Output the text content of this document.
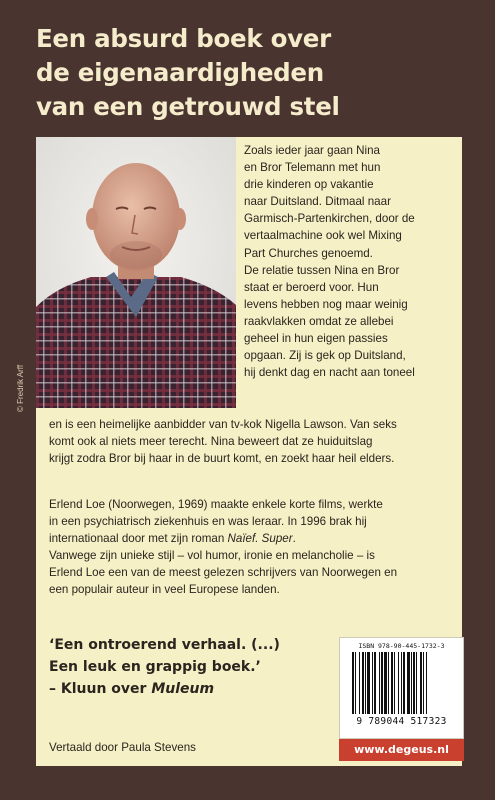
Een absurd boek over
de eigenaardigheden
van een getrouwd stel
© Fredrik Arff
Zoals ieder jaar gaan Nina
en Bror Telemann met hun
drie kinderen op vakantie
naar Duitsland. Ditmaal naar
Garmisch-Partenkirchen, door de
vertaalmachine ook wel Mixing
Part Churches genoemd.
De relatie tussen Nina en Bror
staat er beroerd voor. Hun
levens hebben nog maar weinig
raakvlakken omdat ze allebei
geheel in hun eigen passies
opgaan. Zij is gek op Duitsland,
hij denkt dag en nacht aan toneel
en is een heimelijke aanbidder van tv-kok Nigella Lawson. Van seks
komt ook al niets meer terecht. Nina beweert dat ze huiduitslag
krijgt zodra Bror bij haar in de buurt komt, en zoekt haar heil elders.
Erlend Loe (Noorwegen, 1969) maakte enkele korte films, werkte
in een psychiatrisch ziekenhuis en was leraar. In 1996 brak hij
internationaal door met zijn roman Naïef. Super.
Vanwege zijn unieke stijl – vol humor, ironie en melancholie – is
Erlend Loe een van de meest gelezen schrijvers van Noorwegen en
een populair auteur in veel Europese landen.
‘Een ontroerend verhaal. (...)
Een leuk en grappig boek.’
– Kluun over Muleum
Vertaald door Paula Stevens
ISBN 978-90-445-1732-3
9 789044 517323
www.degeus.nl
